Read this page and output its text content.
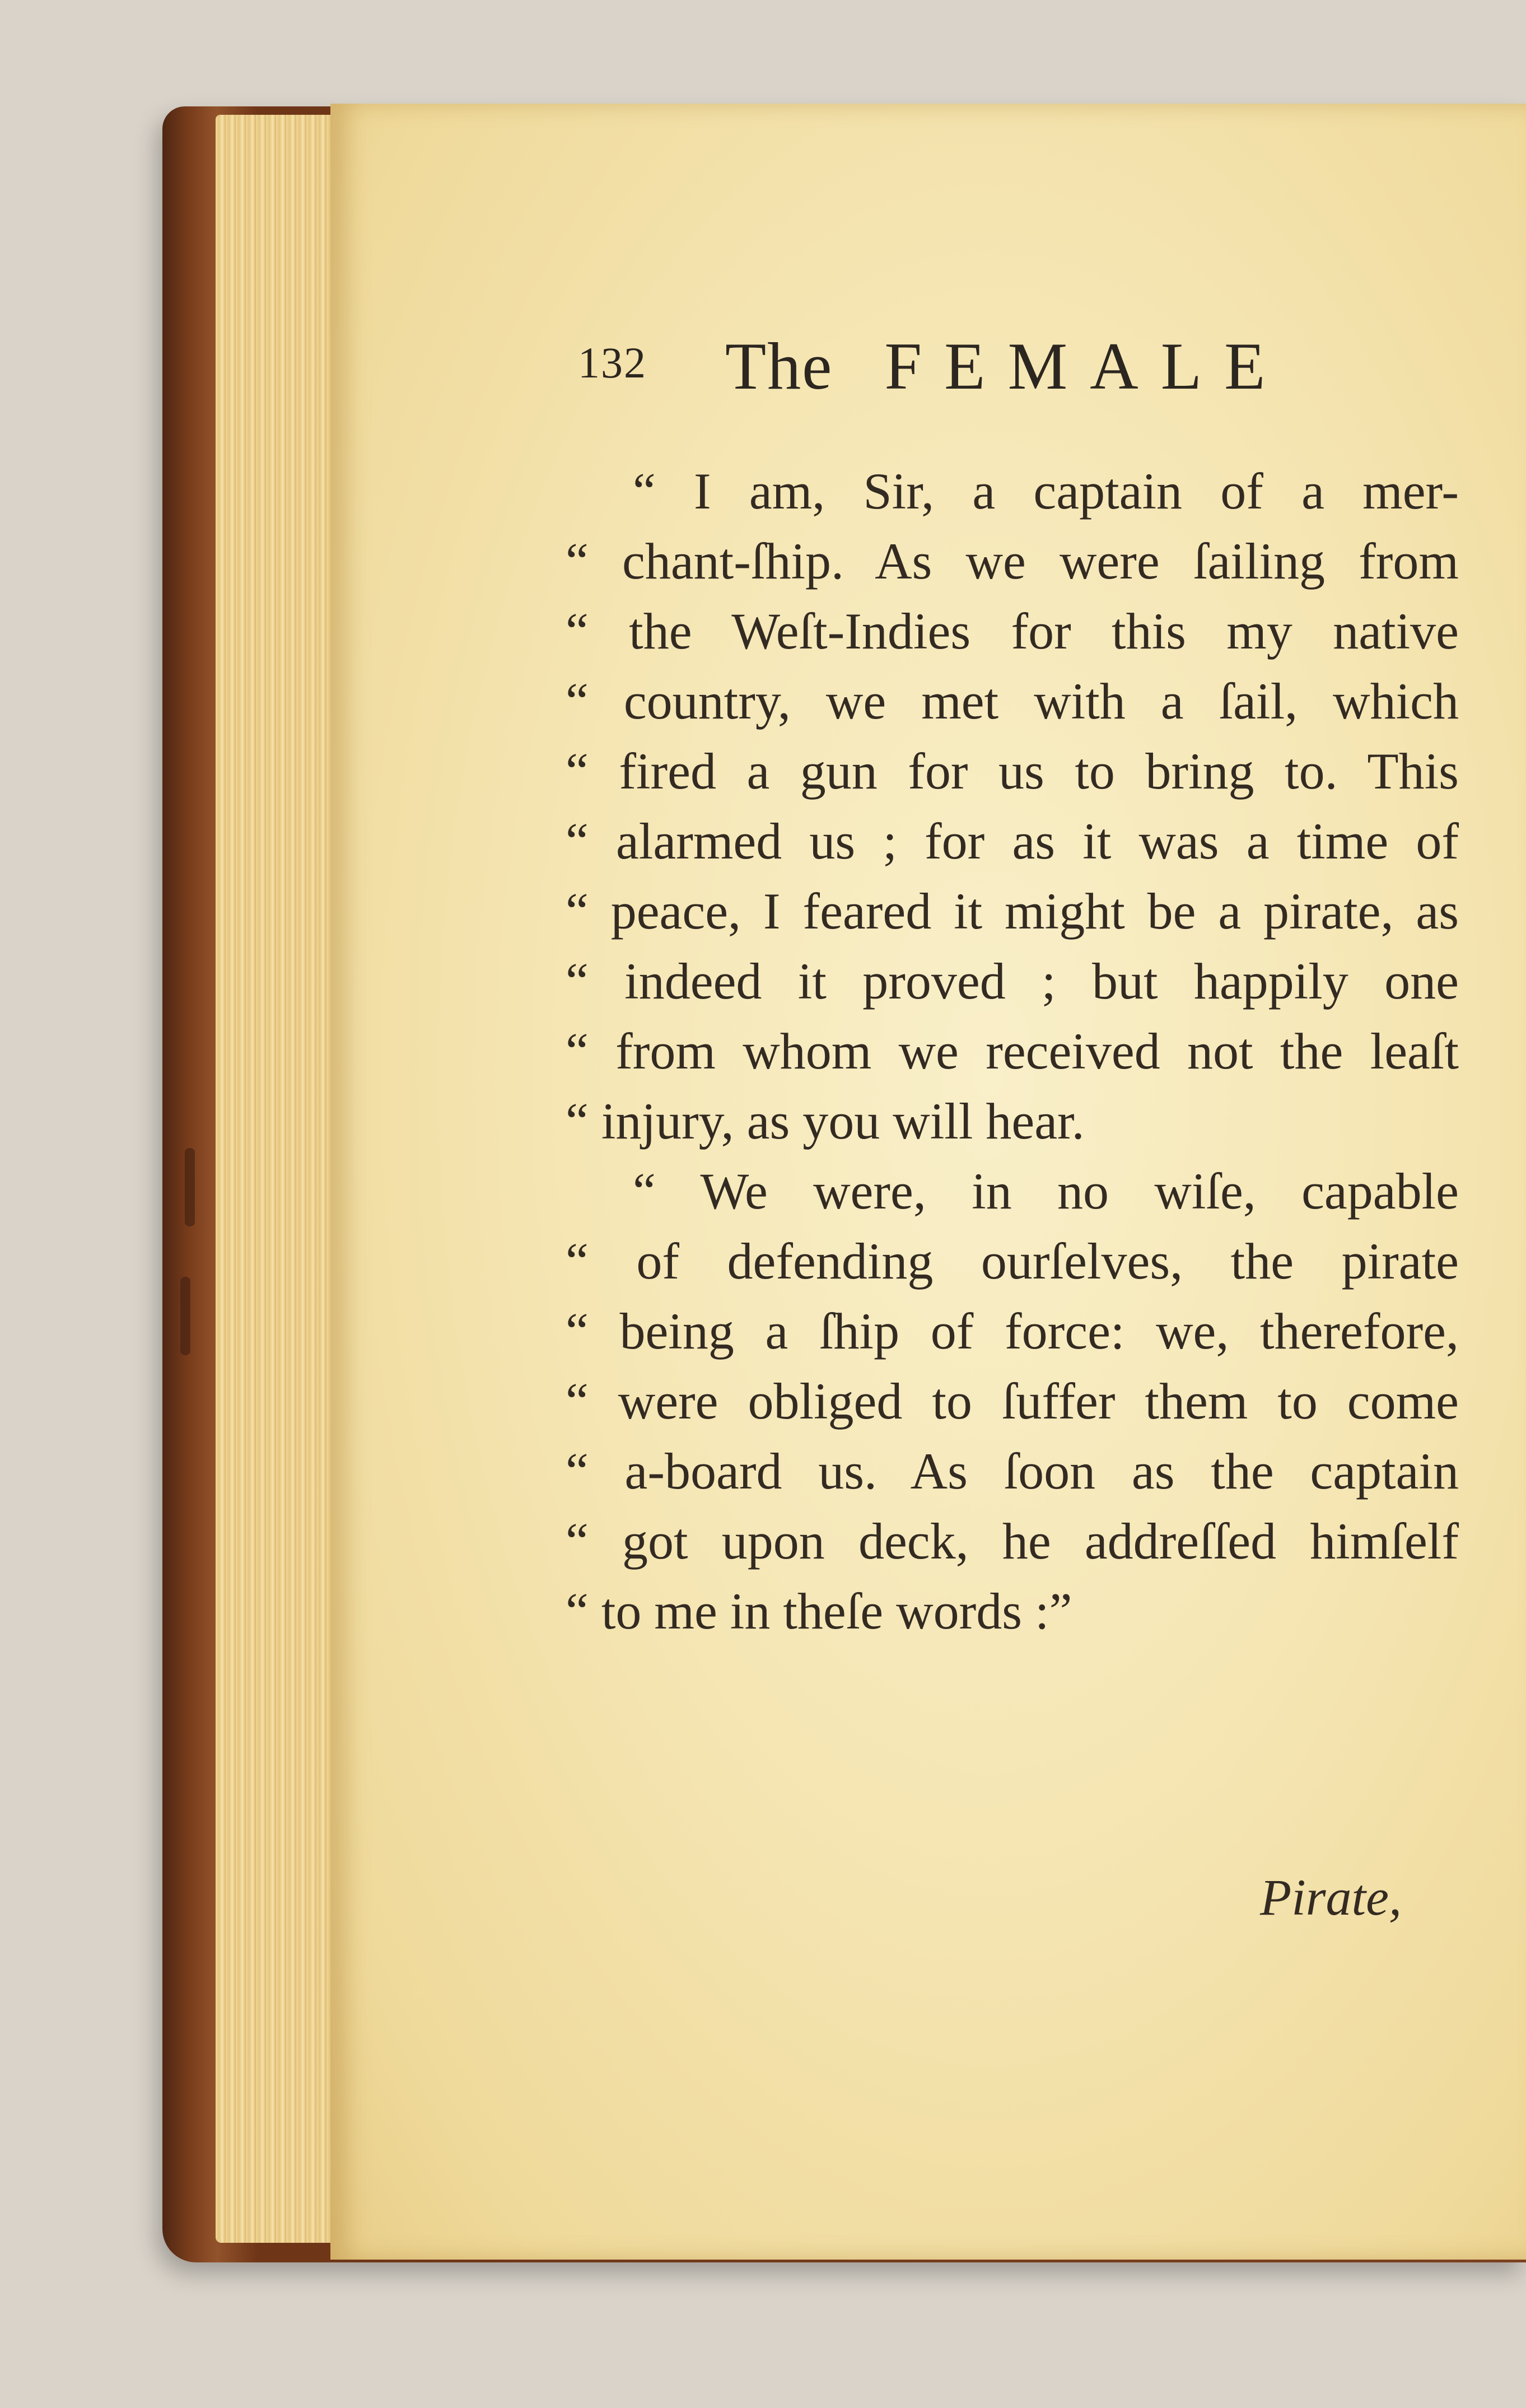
132 The FEMALE
“ I am, Sir, a captain of a mer-
“ chant-ſhip. As we were ſailing from
“ the Weſt-Indies for this my native
“ country, we met with a ſail, which
“ fired a gun for us to bring to. This
“ alarmed us ; for as it was a time of
“ peace, I feared it might be a pirate, as
“ indeed it proved ; but happily one
“ from whom we received not the leaſt
“ injury, as you will hear.
“ We were, in no wiſe, capable
“ of defending ourſelves, the pirate
“ being a ſhip of force: we, therefore,
“ were obliged to ſuffer them to come
“ a-board us. As ſoon as the captain
“ got upon deck, he addreſſed himſelf
“ to me in theſe words :”
Pirate,
